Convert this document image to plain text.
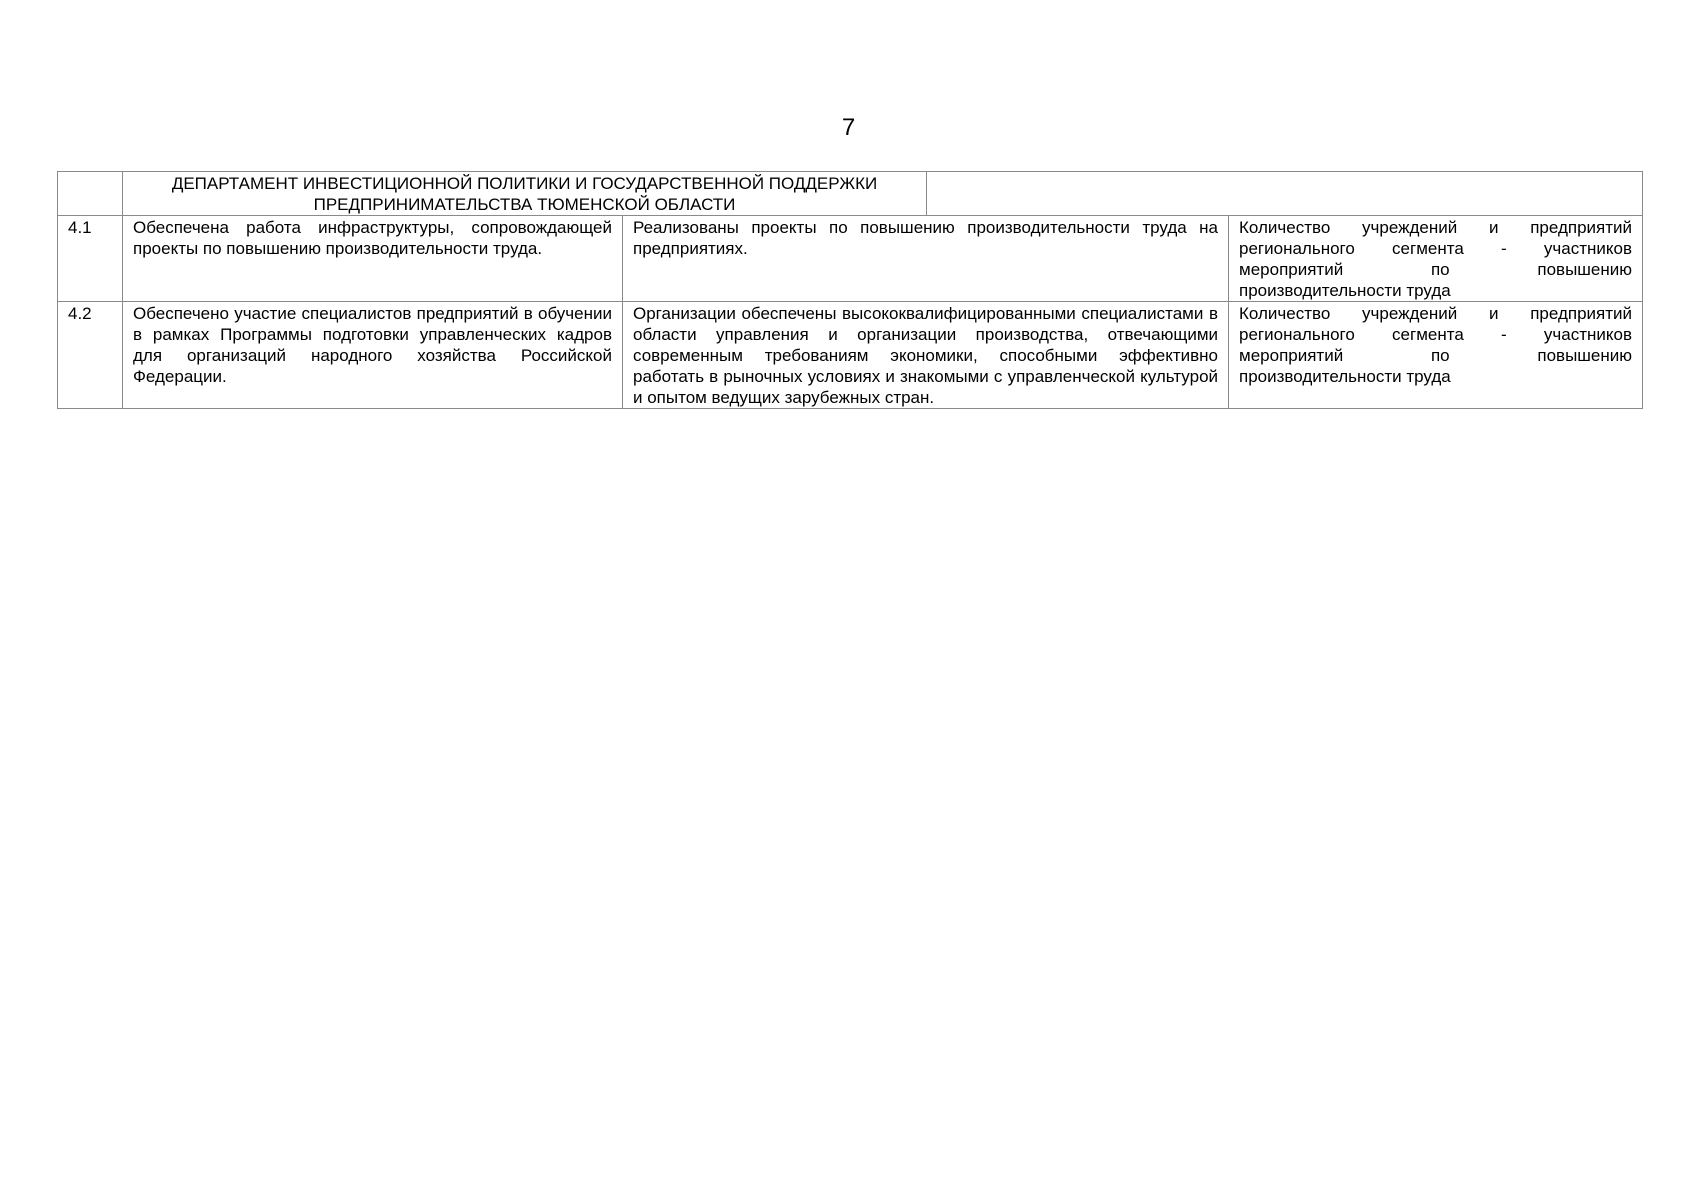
7
	ДЕПАРТАМЕНТ ИНВЕСТИЦИОННОЙ ПОЛИТИКИ И ГОСУДАРСТВЕННОЙ ПОДДЕРЖКИ
ПРЕДПРИНИМАТЕЛЬСТВА ТЮМЕНСКОЙ ОБЛАСТИ			
4.1	Обеспечена работа инфраструктуры, сопровождающей проекты по повышению производительности труда.	Реализованы проекты по повышению производительности труда на предприятиях.		Количество учреждений и предприятий регионального сегмента - участников мероприятий по повышению производительности труда
4.2	Обеспечено участие специалистов предприятий в обучении в рамках Программы подготовки управленческих кадров для организаций народного хозяйства Российской Федерации.	Организации обеспечены высококвалифицированными специалистами в области управления и организации производства, отвечающими современным требованиям экономики, способными эффективно работать в рыночных условиях и знакомыми с управленческой культурой и опытом ведущих зарубежных стран.		Количество учреждений и предприятий регионального сегмента - участников мероприятий по повышению производительности труда
